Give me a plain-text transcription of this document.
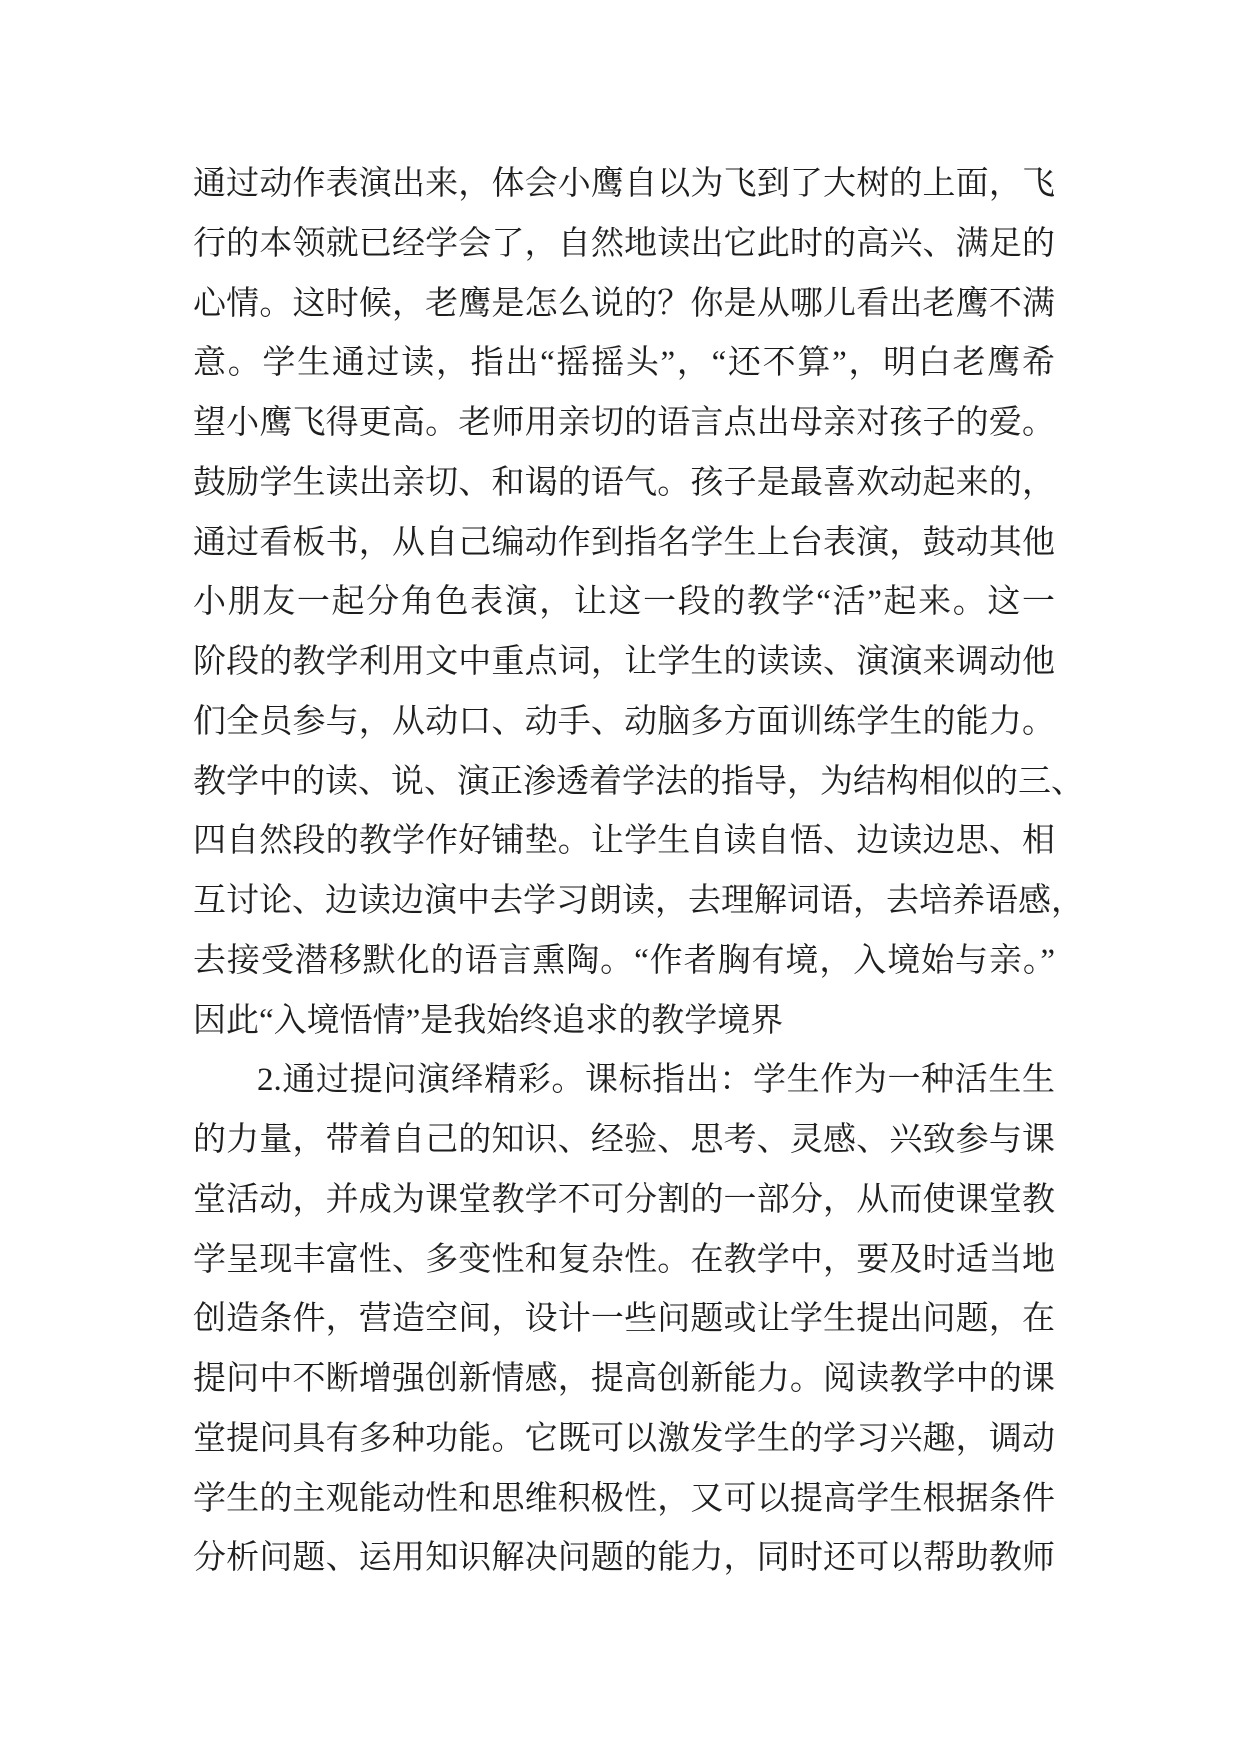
通过动作表演出来，体会小鹰自以为飞到了大树的上面，飞
行的本领就已经学会了，自然地读出它此时的高兴、满足的
心情。这时候，老鹰是怎么说的？你是从哪儿看出老鹰不满
意。学生通过读，指出“摇摇头”，“还不算”，明白老鹰希
望小鹰飞得更高。老师用亲切的语言点出母亲对孩子的爱。
鼓励学生读出亲切、和谒的语气。孩子是最喜欢动起来的，
通过看板书，从自己编动作到指名学生上台表演，鼓动其他
小朋友一起分角色表演，让这一段的教学“活”起来。这一
阶段的教学利用文中重点词，让学生的读读、演演来调动他
们全员参与，从动口、动手、动脑多方面训练学生的能力。
教学中的读、说、演正渗透着学法的指导，为结构相似的三、
四自然段的教学作好铺垫。让学生自读自悟、边读边思、相
互讨论、边读边演中去学习朗读，去理解词语，去培养语感，
去接受潜移默化的语言熏陶。“作者胸有境，入境始与亲。”
因此“入境悟情”是我始终追求的教学境界
2.通过提问演绎精彩。课标指出：学生作为一种活生生
的力量，带着自己的知识、经验、思考、灵感、兴致参与课
堂活动，并成为课堂教学不可分割的一部分，从而使课堂教
学呈现丰富性、多变性和复杂性。在教学中，要及时适当地
创造条件，营造空间，设计一些问题或让学生提出问题，在
提问中不断增强创新情感，提高创新能力。阅读教学中的课
堂提问具有多种功能。它既可以激发学生的学习兴趣，调动
学生的主观能动性和思维积极性，又可以提高学生根据条件
分析问题、运用知识解决问题的能力，同时还可以帮助教师
